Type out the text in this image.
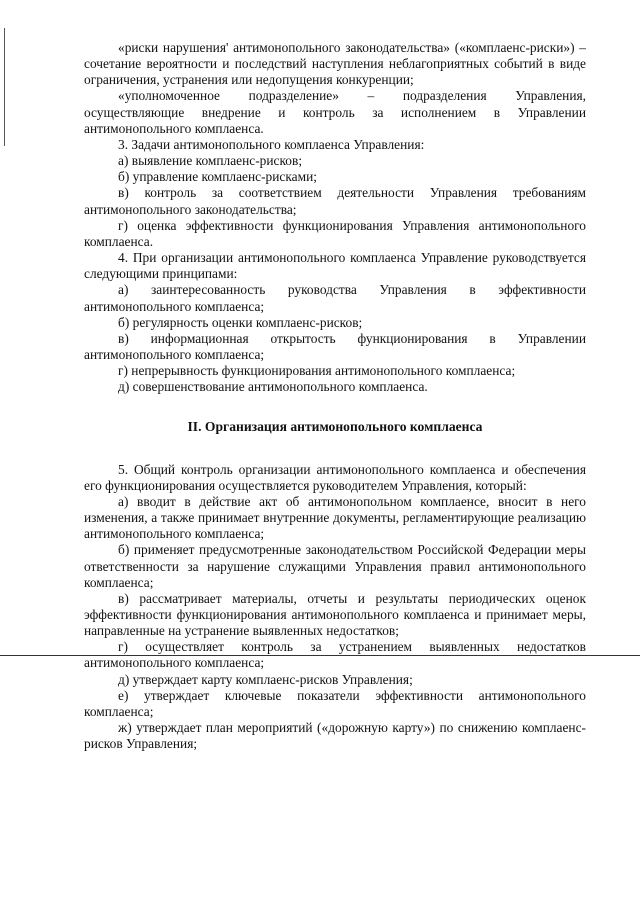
«риски нарушения' антимонопольного законодательства» («комплаенс-риски») – сочетание вероятности и последствий наступления неблагоприятных событий в виде ограничения, устранения или недопущения конкуренции;

«уполномоченное подразделение» – подразделения Управления, осуществляющие внедрение и контроль за исполнением в Управлении антимонопольного комплаенса.

3. Задачи антимонопольного комплаенса Управления:

а) выявление комплаенс-рисков;

б) управление комплаенс-рисками;

в) контроль за соответствием деятельности Управления требованиям антимонопольного законодательства;

г) оценка эффективности функционирования Управления антимонопольного комплаенса.

4. При организации антимонопольного комплаенса Управление руководствуется следующими принципами:

а) заинтересованность руководства Управления в эффективности антимонопольного комплаенса;

б) регулярность оценки комплаенс-рисков;

в) информационная открытость функционирования в Управлении антимонопольного комплаенса;

г) непрерывность функционирования антимонопольного комплаенса;

д) совершенствование антимонопольного комплаенса.

II. Организация антимонопольного комплаенса

5. Общий контроль организации антимонопольного комплаенса и обеспечения его функционирования осуществляется руководителем Управления, который:

а) вводит в действие акт об антимонопольном комплаенсе, вносит в него изменения, а также принимает внутренние документы, регламентирующие реализацию антимонопольного комплаенса;

б) применяет предусмотренные законодательством Российской Федерации меры ответственности за нарушение служащими Управления правил антимонопольного комплаенса;

в) рассматривает материалы, отчеты и результаты периодических оценок эффективности функционирования антимонопольного комплаенса и принимает меры, направленные на устранение выявленных недостатков;

г) осуществляет контроль за устранением выявленных недостатков антимонопольного комплаенса;

д) утверждает карту комплаенс-рисков Управления;

е) утверждает ключевые показатели эффективности антимонопольного комплаенса;

ж) утверждает план мероприятий («дорожную карту») по снижению комплаенс-рисков Управления;
